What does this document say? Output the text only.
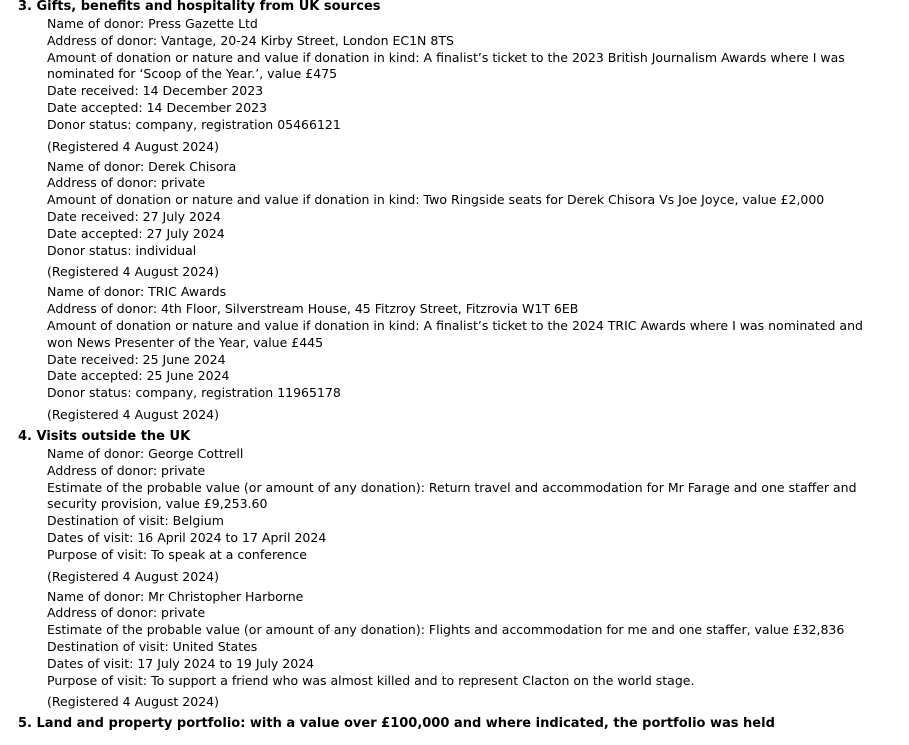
3. Gifts, benefits and hospitality from UK sources
Name of donor: Press Gazette Ltd
Address of donor: Vantage, 20-24 Kirby Street, London EC1N 8TS
Amount of donation or nature and value if donation in kind: A finalist’s ticket to the 2023 British Journalism Awards where I was nominated for ‘Scoop of the Year.’, value £475
Date received: 14 December 2023
Date accepted: 14 December 2023
Donor status: company, registration 05466121
(Registered 4 August 2024)
Name of donor: Derek Chisora
Address of donor: private
Amount of donation or nature and value if donation in kind: Two Ringside seats for Derek Chisora Vs Joe Joyce, value £2,000
Date received: 27 July 2024
Date accepted: 27 July 2024
Donor status: individual
(Registered 4 August 2024)
Name of donor: TRIC Awards
Address of donor: 4th Floor, Silverstream House, 45 Fitzroy Street, Fitzrovia W1T 6EB
Amount of donation or nature and value if donation in kind: A finalist’s ticket to the 2024 TRIC Awards where I was nominated and won News Presenter of the Year, value £445
Date received: 25 June 2024
Date accepted: 25 June 2024
Donor status: company, registration 11965178
(Registered 4 August 2024)
4. Visits outside the UK
Name of donor: George Cottrell
Address of donor: private
Estimate of the probable value (or amount of any donation): Return travel and accommodation for Mr Farage and one staffer and security provision, value £9,253.60
Destination of visit: Belgium
Dates of visit: 16 April 2024 to 17 April 2024
Purpose of visit: To speak at a conference
(Registered 4 August 2024)
Name of donor: Mr Christopher Harborne
Address of donor: private
Estimate of the probable value (or amount of any donation): Flights and accommodation for me and one staffer, value £32,836
Destination of visit: United States
Dates of visit: 17 July 2024 to 19 July 2024
Purpose of visit: To support a friend who was almost killed and to represent Clacton on the world stage.
(Registered 4 August 2024)
5. Land and property portfolio: with a value over £100,000 and where indicated, the portfolio was held
